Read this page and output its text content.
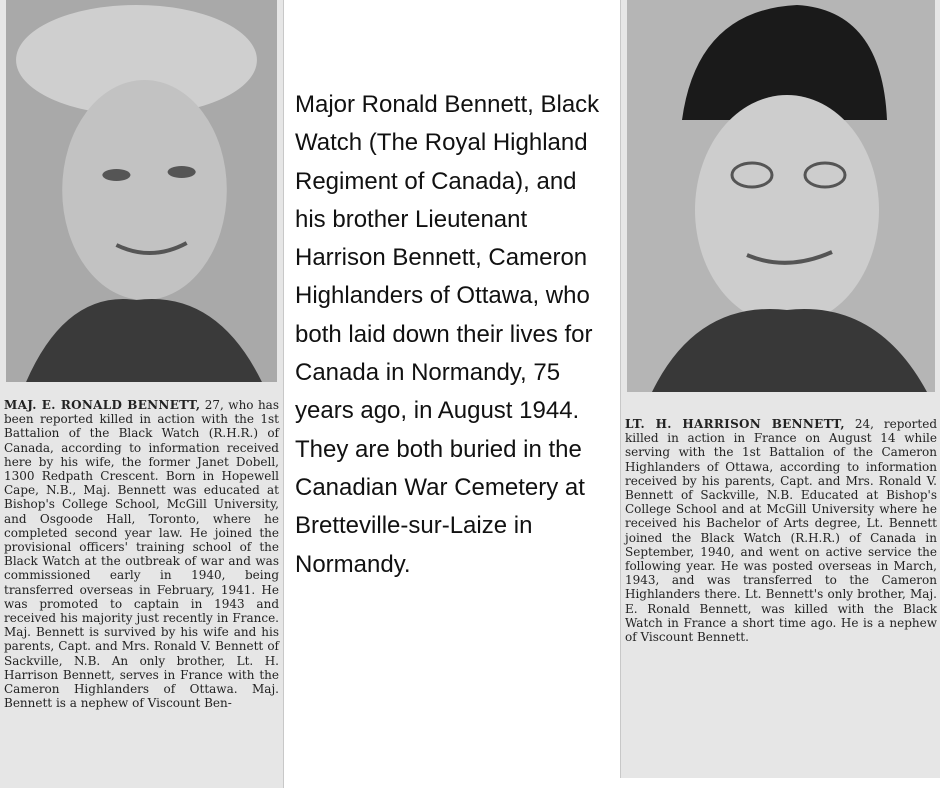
MAJ. E. RONALD BENNETT, 27, who has been reported killed in action with the 1st Battalion of the Black Watch (R.H.R.) of Canada, according to information received here by his wife, the former Janet Dobell, 1300 Redpath Crescent. Born in Hopewell Cape, N.B., Maj. Bennett was educated at Bishop's College School, McGill University, and Osgoode Hall, Toronto, where he completed second year law. He joined the provisional officers' training school of the Black Watch at the outbreak of war and was commissioned early in 1940, being transferred overseas in February, 1941. He was promoted to captain in 1943 and received his majority just recently in France. Maj. Bennett is survived by his wife and his parents, Capt. and Mrs. Ronald V. Bennett of Sackville, N.B. An only brother, Lt. H. Harrison Bennett, serves in France with the Cameron Highlanders of Ottawa. Maj. Bennett is a nephew of Viscount Ben-
Major Ronald Bennett, Black Watch (The Royal Highland Regiment of Canada), and his brother Lieutenant Harrison Bennett, Cameron Highlanders of Ottawa, who both laid down their lives for Canada in Normandy, 75 years ago, in August 1944. They are both buried in the Canadian War Cemetery at Bretteville-sur-Laize in Normandy.
LT. H. HARRISON BENNETT, 24, reported killed in action in France on August 14 while serving with the 1st Battalion of the Cameron Highlanders of Ottawa, according to information received by his parents, Capt. and Mrs. Ronald V. Bennett of Sackville, N.B. Educated at Bishop's College School and at McGill University where he received his Bachelor of Arts degree, Lt. Bennett joined the Black Watch (R.H.R.) of Canada in September, 1940, and went on active service the following year. He was posted overseas in March, 1943, and was transferred to the Cameron Highlanders there. Lt. Bennett's only brother, Maj. E. Ronald Bennett, was killed with the Black Watch in France a short time ago. He is a nephew of Viscount Bennett.
